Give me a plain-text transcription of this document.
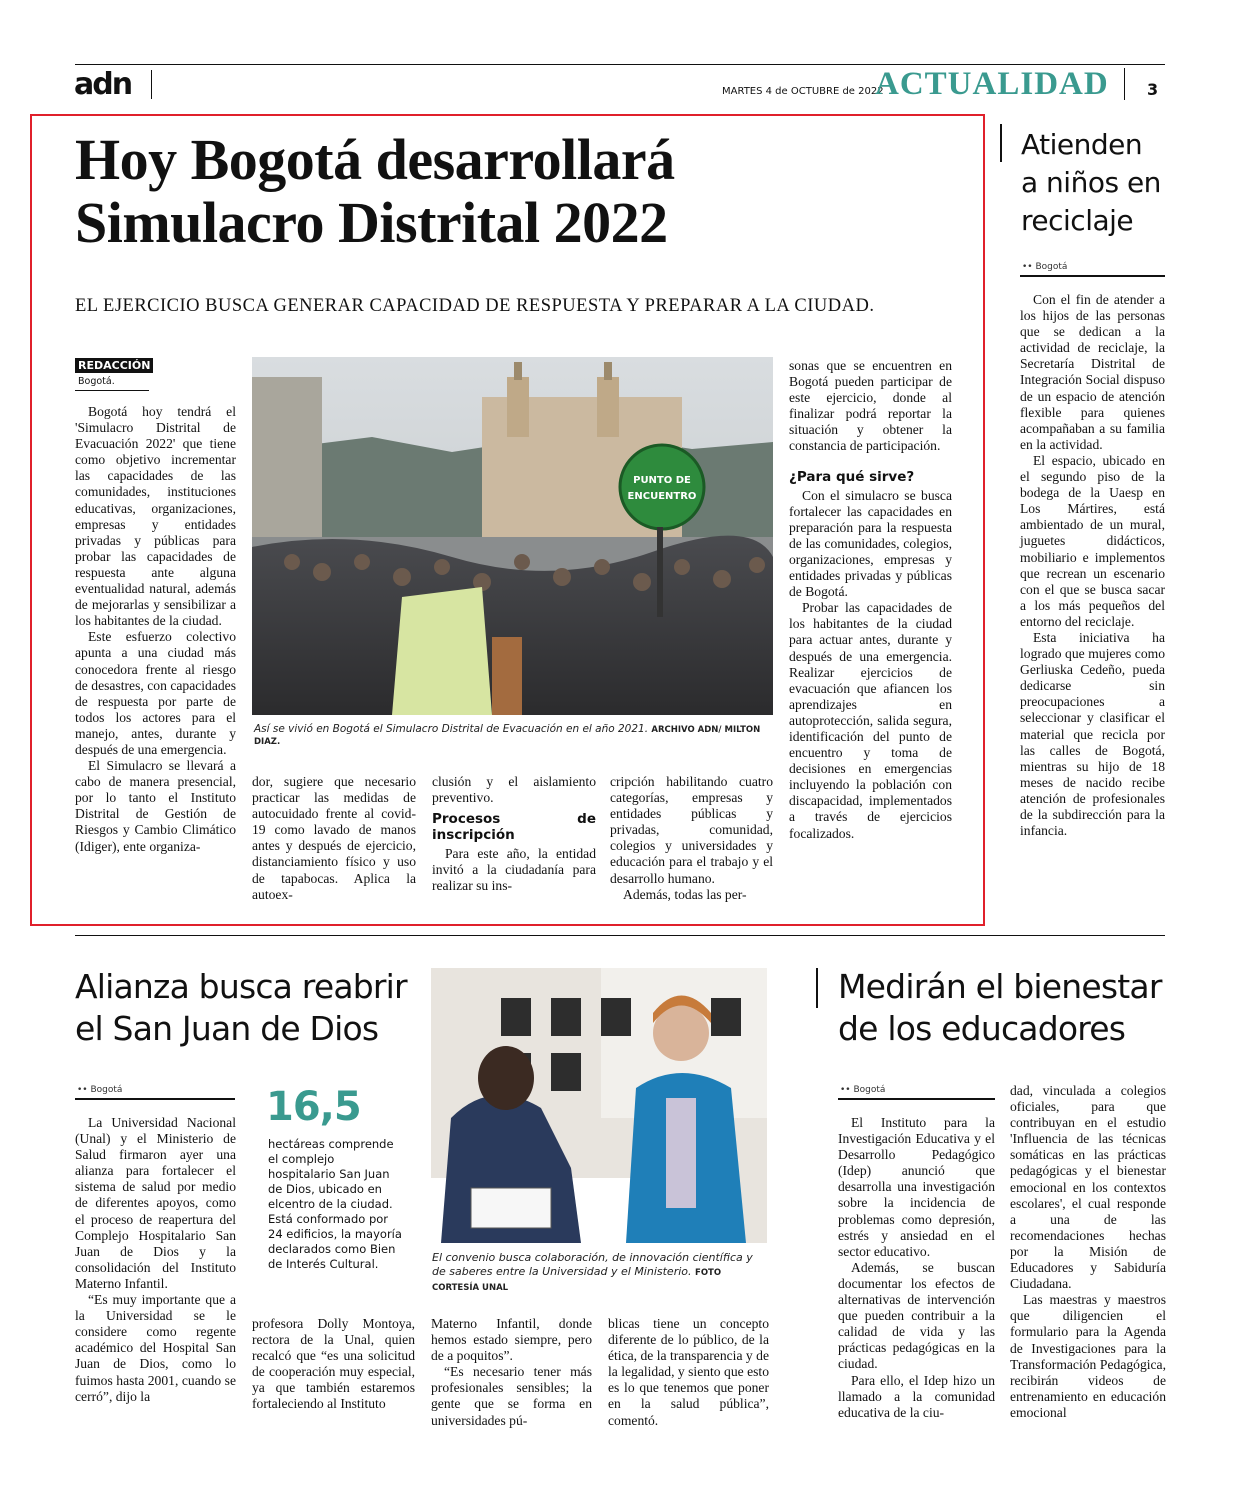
adn	MARTES 4 de OCTUBRE de 2022
ACTUALIDAD 3
Hoy Bogotá desarrollará
Simulacro Distrital 2022
EL EJERCICIO BUSCA GENERAR CAPACIDAD DE RESPUESTA Y PREPARAR A LA CIUDAD.
REDACCIÓN
Bogotá.

Bogotá hoy tendrá el 'Simulacro Distrital de Evacuación 2022' que tiene como objetivo incrementar las capacidades de las comunidades, instituciones educativas, organizaciones, empresas y entidades privadas y públicas para probar las capacidades de respuesta ante alguna eventualidad natural, además de mejorarlas y sensibilizar a los habitantes de la ciudad.

Este esfuerzo colectivo apunta a una ciudad más conocedora frente al riesgo de desastres, con capacidades de respuesta por parte de todos los actores para el manejo, antes, durante y después de una emergencia.

El Simulacro se llevará a cabo de manera presencial, por lo tanto el Instituto Distrital de Gestión de Riesgos y Cambio Climático (Idiger), ente organiza-

PUNTO DE
ENCUENTRO
Así se vivió en Bogotá el Simulacro Distrital de Evacuación en el año 2021. ARCHIVO ADN/ MILTON DIAZ.

dor, sugiere que necesario practicar las medidas de autocuidado frente al covid-19 como lavado de manos antes y después de ejercicio, distanciamiento físico y uso de tapabocas. Aplica la autoex-

clusión y el aislamiento preventivo.

Procesos de inscripción

Para este año, la entidad invitó a la ciudadanía para realizar su ins-

cripción habilitando cuatro categorías, empresas y entidades públicas y privadas, comunidad, colegios y universidades y educación para el trabajo y el desarrollo humano.

Además, todas las per-

sonas que se encuentren en Bogotá pueden participar de este ejercicio, donde al finalizar podrá reportar la situación y obtener la constancia de participación.

¿Para qué sirve?

Con el simulacro se busca fortalecer las capacidades en preparación para la respuesta de las comunidades, colegios, organizaciones, empresas y entidades privadas y públicas de Bogotá.

Probar las capacidades de los habitantes de la ciudad para actuar antes, durante y después de una emergencia. Realizar ejercicios de evacuación que afiancen los aprendizajes en autoprotección, salida segura, identificación del punto de encuentro y toma de decisiones en emergencias incluyendo la población con discapacidad, implementados a través de ejercicios focalizados.

Atienden a niños en reciclaje
•• Bogotá

Con el fin de atender a los hijos de las personas que se dedican a la actividad de reciclaje, la Secretaría Distrital de Integración Social dispuso de un espacio de atención flexible para quienes acompañaban a su familia en la actividad.

El espacio, ubicado en el segundo piso de la bodega de la Uaesp en Los Mártires, está ambientado de un mural, juguetes didácticos, mobiliario e implementos que recrean un escenario con el que se busca sacar a los más pequeños del entorno del reciclaje.

Esta iniciativa ha logrado que mujeres como Gerliuska Cedeño, pueda dedicarse sin preocupaciones a seleccionar y clasificar el material que recicla por las calles de Bogotá, mientras su hijo de 18 meses de nacido recibe atención de profesionales de la subdirección para la infancia.

Alianza busca reabrir
el San Juan de Dios
•• Bogotá

La Universidad Nacional (Unal) y el Ministerio de Salud firmaron ayer una alianza para fortalecer el sistema de salud por medio de diferentes apoyos, como el proceso de reapertura del Complejo Hospitalario San Juan de Dios y la consolidación del Instituto Materno Infantil.

“Es muy importante que a la Universidad se le considere como regente académico del Hospital San Juan de Dios, como lo fuimos hasta 2001, cuando se cerró”, dijo la

16,5
hectáreas comprende el complejo hospitalario San Juan de Dios, ubicado en elcentro de la ciudad. Está conformado por 24 edificios, la mayoría declarados como Bien de Interés Cultural.	El convenio busca colaboración, de innovación científica y de saberes entre la Universidad y el Ministerio. FOTO CORTESÍA UNAL

profesora Dolly Montoya, rectora de la Unal, quien recalcó que “es una solicitud de cooperación muy especial, ya que también estaremos fortaleciendo al Instituto

Materno Infantil, donde hemos estado siempre, pero de a poquitos”.

“Es necesario tener más profesionales sensibles; la gente que se forma en universidades pú-

blicas tiene un concepto diferente de lo público, de la ética, de la transparencia y de la legalidad, y siento que esto es lo que tenemos que poner en la salud pública”, comentó.

Medirán el bienestar
de los educadores
•• Bogotá

El Instituto para la Investigación Educativa y el Desarrollo Pedagógico (Idep) anunció que desarrolla una investigación sobre la incidencia de problemas como depresión, estrés y ansiedad en el sector educativo.

Además, se buscan documentar los efectos de alternativas de intervención que pueden contribuir a la calidad de vida y las prácticas pedagógicas en la ciudad.

Para ello, el Idep hizo un llamado a la comunidad educativa de la ciu-

dad, vinculada a colegios oficiales, para que contribuyan en el estudio 'Influencia de las técnicas somáticas en las prácticas pedagógicas y el bienestar emocional en los contextos escolares', el cual responde a una de las recomendaciones hechas por la Misión de Educadores y Sabiduría Ciudadana.

Las maestras y maestros que diligencien el formulario para la Agenda de Investigaciones para la Transformación Pedagógica, recibirán videos de entrenamiento en educación emocional
